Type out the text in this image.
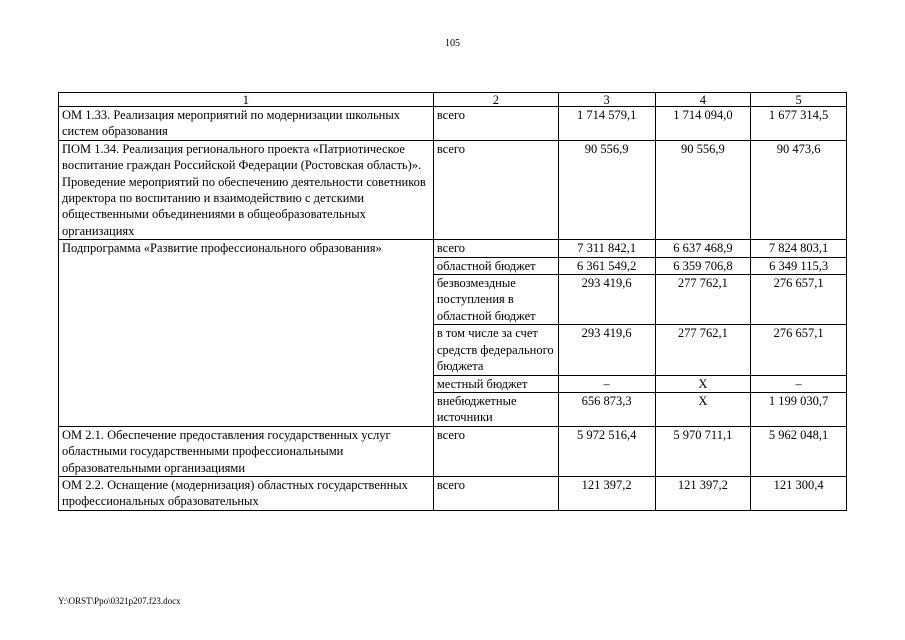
105
1	2	3	4	5
ОМ 1.33. Реализация мероприятий по модернизации школьных систем образования	всего	1 714 579,1	1 714 094,0	1 677 314,5
ПОМ 1.34. Реализация регионального проекта «Патриотическое воспитание граждан Российской Федерации (Ростовская область)». Проведение мероприятий по обеспечению деятельности советников директора по воспитанию и взаимодействию с детскими общественными объединениями в общеобразовательных организациях	всего	90 556,9	90 556,9	90 473,6
Подпрограмма «Развитие профессионального образования»	всего	7 311 842,1	6 637 468,9	7 824 803,1
	областной бюджет	6 361 549,2	6 359 706,8	6 349 115,3
	безвозмездные поступления в областной бюджет	293 419,6	277 762,1	276 657,1
	в том числе за счет средств федерального бюджета	293 419,6	277 762,1	276 657,1
	местный бюджет	–	Х	–
	внебюджетные источники	656 873,3	Х	1 199 030,7
ОМ 2.1. Обеспечение предоставления государственных услуг областными государственными профессиональными образовательными организациями	всего	5 972 516,4	5 970 711,1	5 962 048,1
ОМ 2.2. Оснащение (модернизация) областных государственных профессиональных образовательных	всего	121 397,2	121 397,2	121 300,4
Y:\ORST\Ppo\0321p207.f23.docx
